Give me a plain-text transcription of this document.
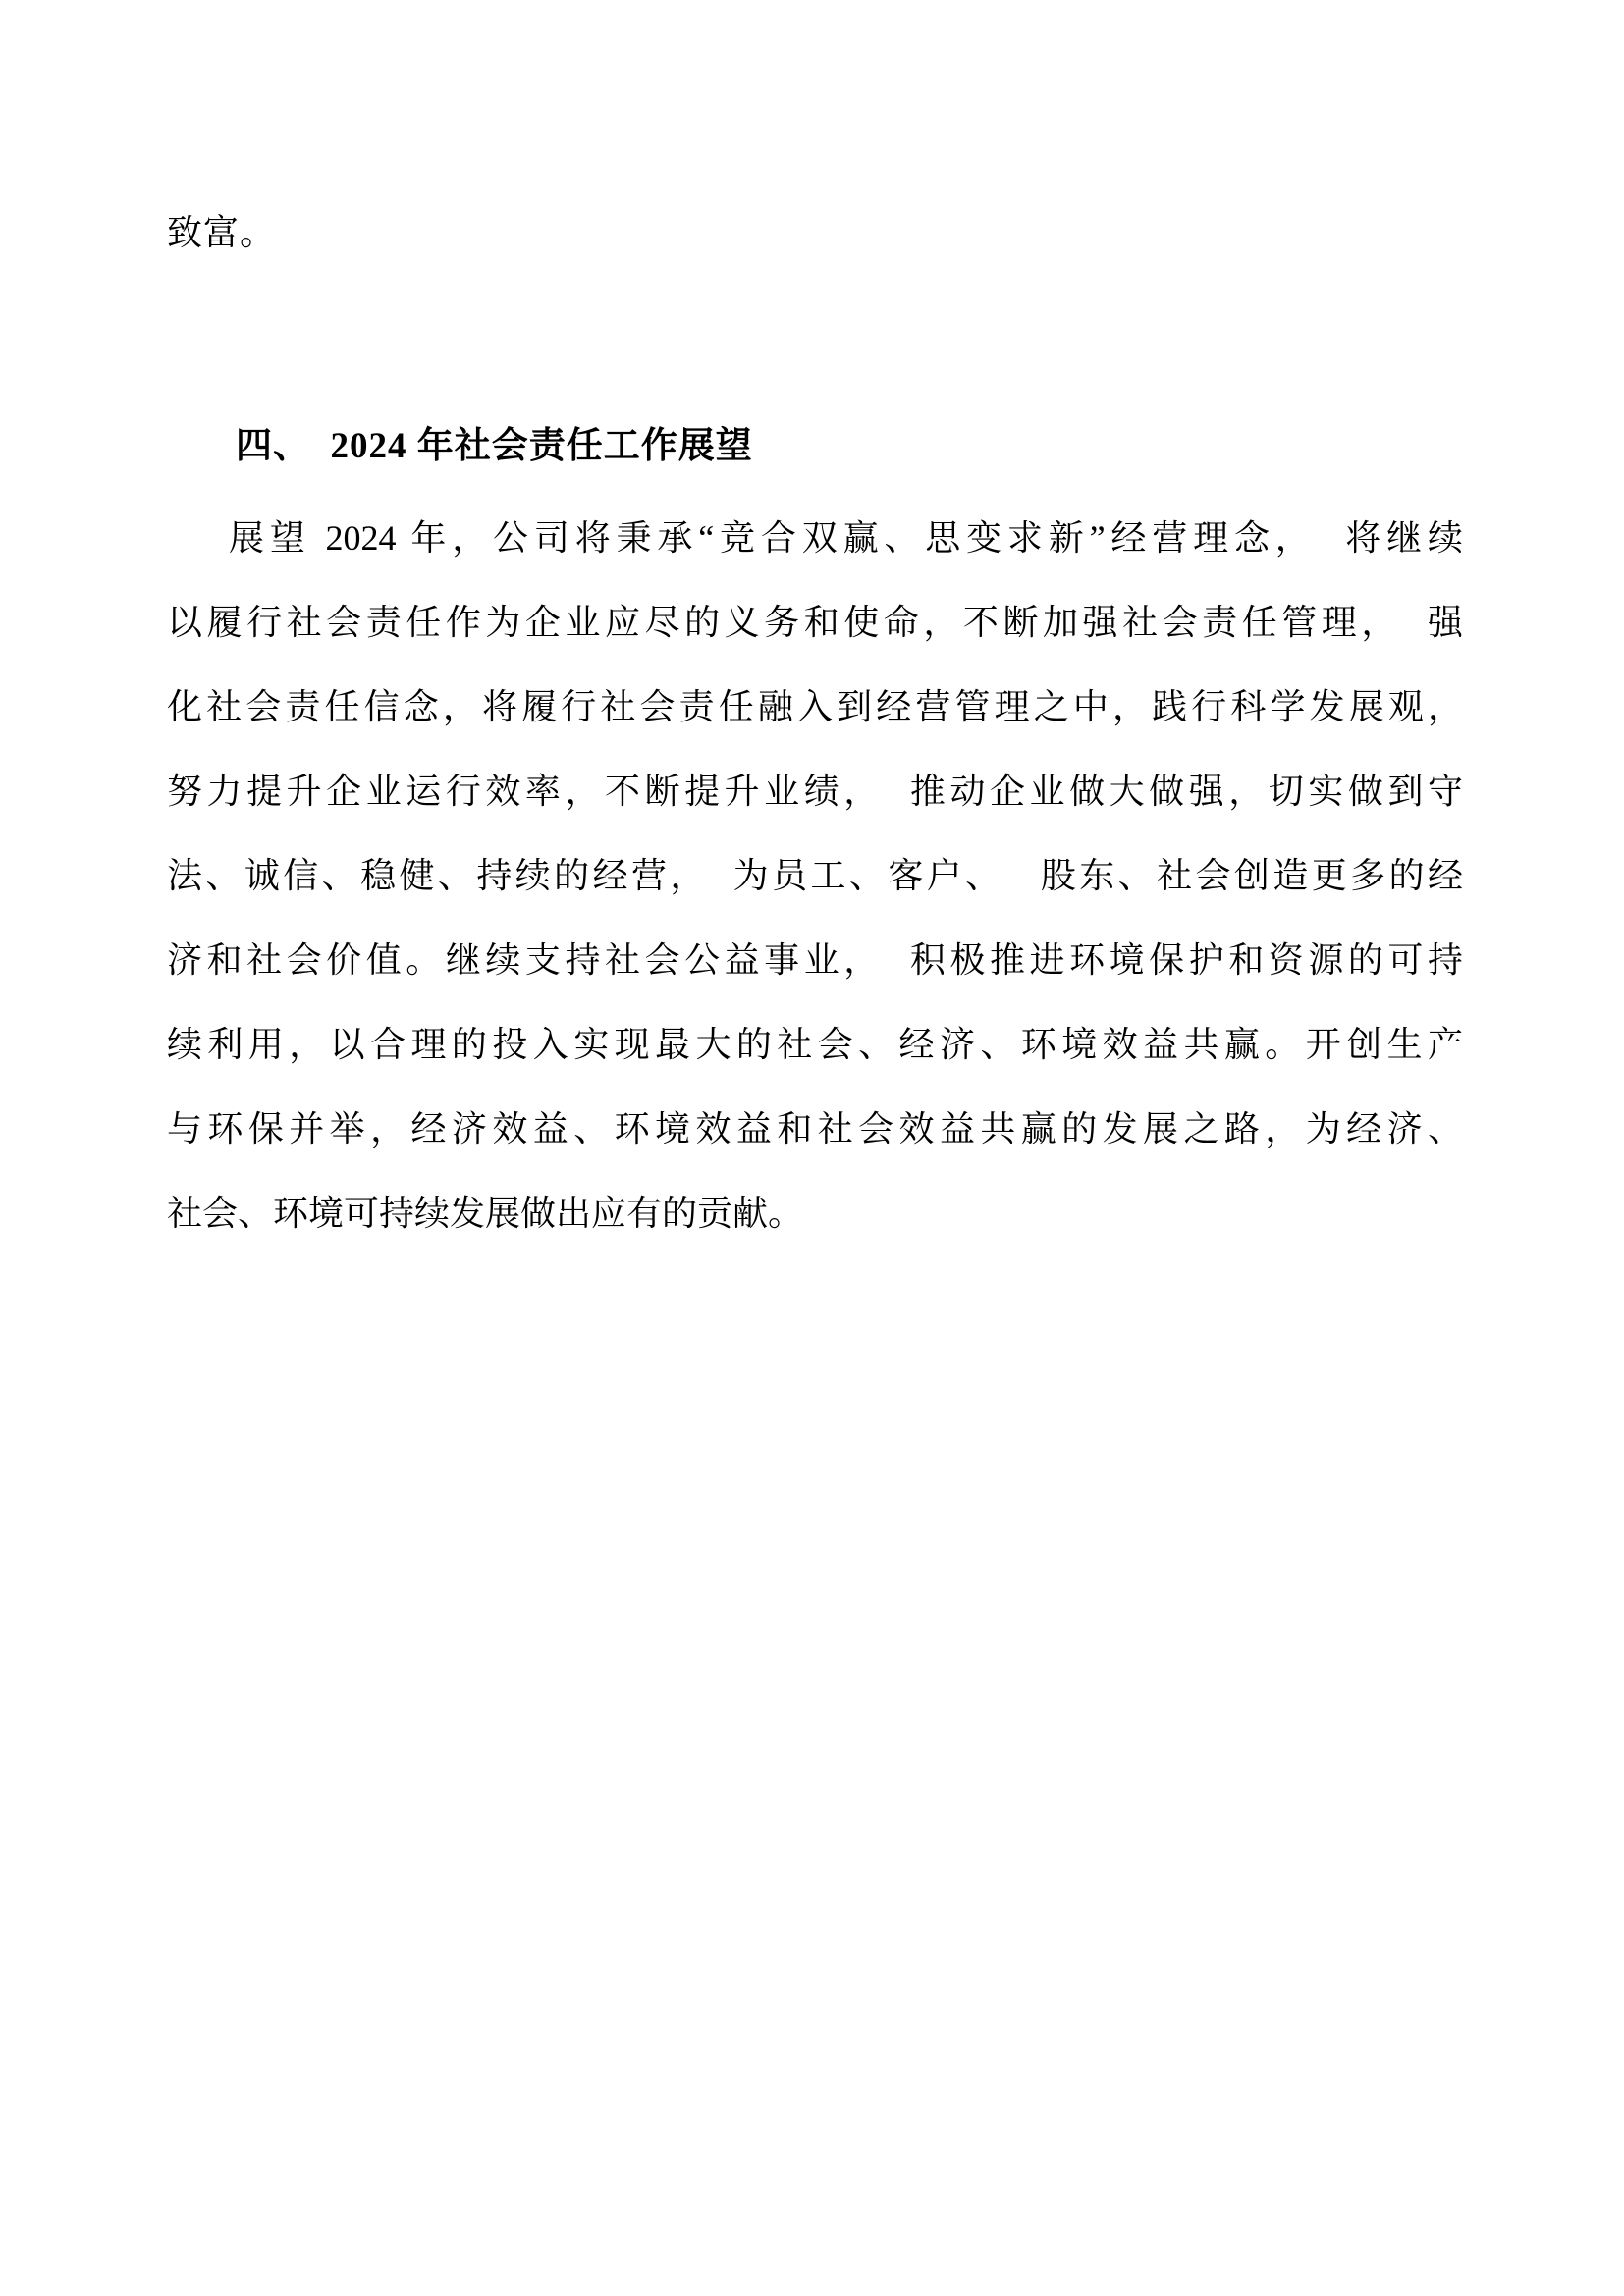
致富。

四、  2024 年社会责任工作展望
展望 2024 年，公司将秉承“竞合双赢、思变求新”经营理念，  将继续
以履行社会责任作为企业应尽的义务和使命，不断加强社会责任管理，  强
化社会责任信念，将履行社会责任融入到经营管理之中，践行科学发展观，
努力提升企业运行效率，不断提升业绩，  推动企业做大做强，切实做到守
法、诚信、稳健、持续的经营，  为员工、客户、   股东、社会创造更多的经
济和社会价值。继续支持社会公益事业，  积极推进环境保护和资源的可持
续利用，以合理的投入实现最大的社会、经济、环境效益共赢。开创生产
与环保并举，经济效益、环境效益和社会效益共赢的发展之路，为经济、
社会、环境可持续发展做出应有的贡献。
